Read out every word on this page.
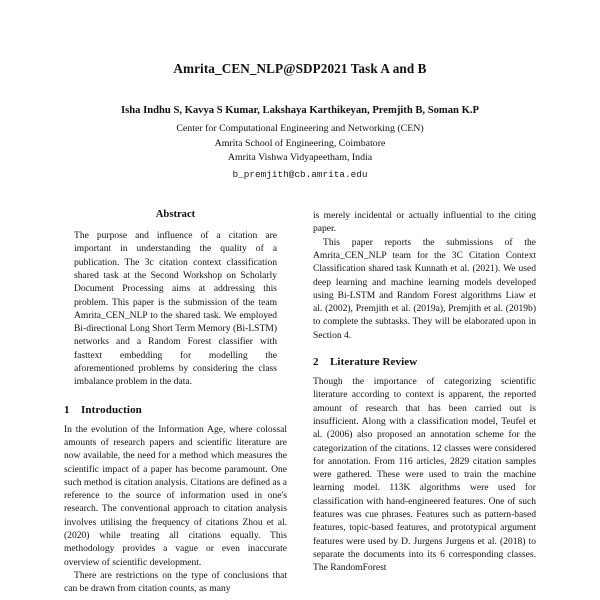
Amrita_CEN_NLP@SDP2021 Task A and B
Isha Indhu S, Kavya S Kumar, Lakshaya Karthikeyan, Premjith B, Soman K.P
Center for Computational Engineering and Networking (CEN)
Amrita School of Engineering, Coimbatore
Amrita Vishwa Vidyapeetham, India
b_premjith@cb.amrita.edu
Abstract

The purpose and influence of a citation are important in understanding the quality of a publication. The 3c citation context classification shared task at the Second Workshop on Scholarly Document Processing aims at addressing this problem. This paper is the submission of the team Amrita_CEN_NLP to the shared task. We employed Bi-directional Long Short Term Memory (Bi-LSTM) networks and a Random Forest classifier with fasttext embedding for modelling the aforementioned problems by considering the class imbalance problem in the data.

1	Introduction

In the evolution of the Information Age, where colossal amounts of research papers and scientific literature are now available, the need for a method which measures the scientific impact of a paper has become paramount. One such method is citation analysis. Citations are defined as a reference to the source of information used in one's research. The conventional approach to citation analysis involves utilising the frequency of citations Zhou et al. (2020) while treating all citations equally. This methodology provides a vague or even inaccurate overview of scientific development.

There are restrictions on the type of conclusions that can be drawn from citation counts, as many

is merely incidental or actually influential to the citing paper.

This paper reports the submissions of the Amrita_CEN_NLP team for the 3C Citation Context Classification shared task Kunnath et al. (2021). We used deep learning and machine learning models developed using Bi-LSTM and Random Forest algorithms Liaw et al. (2002), Premjith et al. (2019a), Premjith et al. (2019b) to complete the subtasks. They will be elaborated upon in Section 4.

2	Literature Review

Though the importance of categorizing scientific literature according to context is apparent, the reported amount of research that has been carried out is insufficient. Along with a classification model, Teufel et al. (2006) also proposed an annotation scheme for the categorization of the citations. 12 classes were considered for annotation. From 116 articles, 2829 citation samples were gathered. These were used to train the machine learning model. 113K algorithms were used for classification with hand-engineered features. One of such features was cue phrases. Features such as pattern-based features, topic-based features, and prototypical argument features were used by D. Jurgens Jurgens et al. (2018) to separate the documents into its 6 corresponding classes. The RandomForest
